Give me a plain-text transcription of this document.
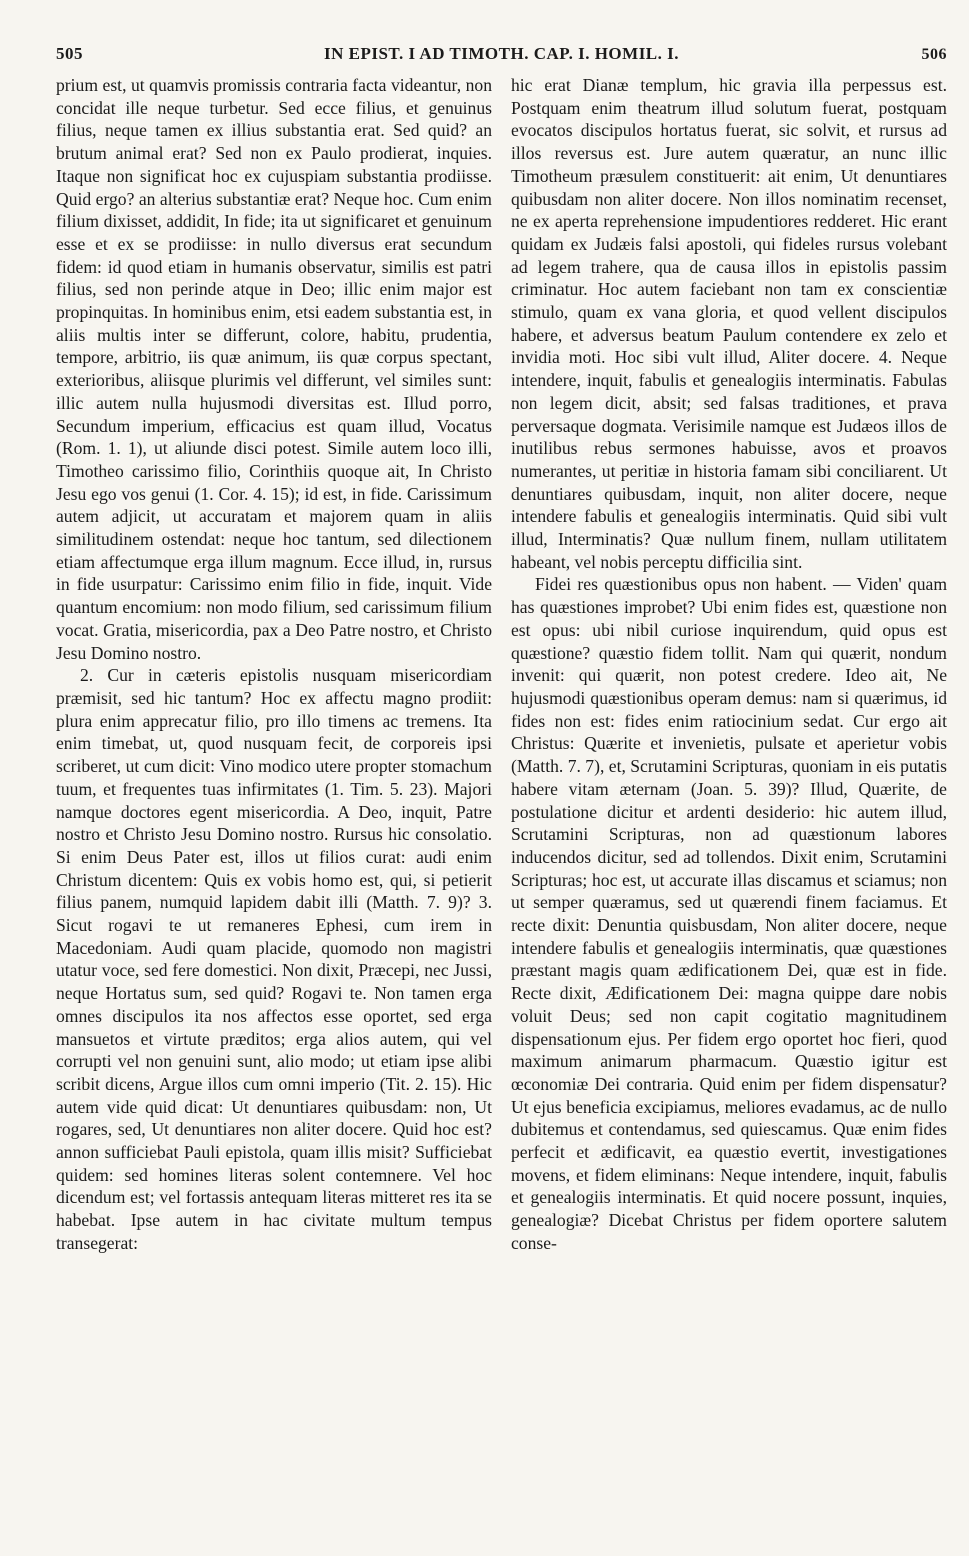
505	IN EPIST. I AD TIMOTH. CAP. I. HOMIL. I.	506

prium est, ut quamvis promissis contraria facta videantur, non concidat ille neque turbetur. Sed ecce filius, et genuinus filius, neque tamen ex illius substantia erat. Sed quid? an brutum animal erat? Sed non ex Paulo prodierat, inquies. Itaque non significat hoc ex cujuspiam substantia prodiisse. Quid ergo? an alterius substantiæ erat? Neque hoc. Cum enim filium dixisset, addidit, In fide; ita ut significaret et genuinum esse et ex se prodiisse: in nullo diversus erat secundum fidem: id quod etiam in humanis observatur, similis est patri filius, sed non perinde atque in Deo; illic enim major est propinquitas. In hominibus enim, etsi eadem substantia est, in aliis multis inter se differunt, colore, habitu, prudentia, tempore, arbitrio, iis quæ animum, iis quæ corpus spectant, exterioribus, aliisque plurimis vel differunt, vel similes sunt: illic autem nulla hujusmodi diversitas est. Illud porro, Secundum imperium, efficacius est quam illud, Vocatus (Rom. 1. 1), ut aliunde disci potest. Simile autem loco illi, Timotheo carissimo filio, Corinthiis quoque ait, In Christo Jesu ego vos genui (1. Cor. 4. 15); id est, in fide. Carissimum autem adjicit, ut accuratam et majorem quam in aliis similitudinem ostendat: neque hoc tantum, sed dilectionem etiam affectumque erga illum magnum. Ecce illud, in, rursus in fide usurpatur: Carissimo enim filio in fide, inquit. Vide quantum encomium: non modo filium, sed carissimum filium vocat. Gratia, misericordia, pax a Deo Patre nostro, et Christo Jesu Domino nostro.

2. Cur in cæteris epistolis nusquam misericordiam præmisit, sed hic tantum? Hoc ex affectu magno prodiit: plura enim apprecatur filio, pro illo timens ac tremens. Ita enim timebat, ut, quod nusquam fecit, de corporeis ipsi scriberet, ut cum dicit: Vino modico utere propter stomachum tuum, et frequentes tuas infirmitates (1. Tim. 5. 23). Majori namque doctores egent misericordia. A Deo, inquit, Patre nostro et Christo Jesu Domino nostro. Rursus hic consolatio. Si enim Deus Pater est, illos ut filios curat: audi enim Christum dicentem: Quis ex vobis homo est, qui, si petierit filius panem, numquid lapidem dabit illi (Matth. 7. 9)? 3. Sicut rogavi te ut remaneres Ephesi, cum irem in Macedoniam. Audi quam placide, quomodo non magistri utatur voce, sed fere domestici. Non dixit, Præcepi, nec Jussi, neque Hortatus sum, sed quid? Rogavi te. Non tamen erga omnes discipulos ita nos affectos esse oportet, sed erga mansuetos et virtute præditos; erga alios autem, qui vel corrupti vel non genuini sunt, alio modo; ut etiam ipse alibi scribit dicens, Argue illos cum omni imperio (Tit. 2. 15). Hic autem vide quid dicat: Ut denuntiares quibusdam: non, Ut rogares, sed, Ut denuntiares non aliter docere. Quid hoc est? annon sufficiebat Pauli epistola, quam illis misit? Sufficiebat quidem: sed homines literas solent contemnere. Vel hoc dicendum est; vel fortassis antequam literas mitteret res ita se habebat. Ipse autem in hac civitate multum tempus transegerat:

hic erat Dianæ templum, hic gravia illa perpessus est. Postquam enim theatrum illud solutum fuerat, postquam evocatos discipulos hortatus fuerat, sic solvit, et rursus ad illos reversus est. Jure autem quæratur, an nunc illic Timotheum præsulem constituerit: ait enim, Ut denuntiares quibusdam non aliter docere. Non illos nominatim recenset, ne ex aperta reprehensione impudentiores redderet. Hic erant quidam ex Judæis falsi apostoli, qui fideles rursus volebant ad legem trahere, qua de causa illos in epistolis passim criminatur. Hoc autem faciebant non tam ex conscientiæ stimulo, quam ex vana gloria, et quod vellent discipulos habere, et adversus beatum Paulum contendere ex zelo et invidia moti. Hoc sibi vult illud, Aliter docere. 4. Neque intendere, inquit, fabulis et genealogiis interminatis. Fabulas non legem dicit, absit; sed falsas traditiones, et prava perversaque dogmata. Verisimile namque est Judæos illos de inutilibus rebus sermones habuisse, avos et proavos numerantes, ut peritiæ in historia famam sibi conciliarent. Ut denuntiares quibusdam, inquit, non aliter docere, neque intendere fabulis et genealogiis interminatis. Quid sibi vult illud, Interminatis? Quæ nullum finem, nullam utilitatem habeant, vel nobis perceptu difficilia sint.

Fidei res quæstionibus opus non habent. — Viden' quam has quæstiones improbet? Ubi enim fides est, quæstione non est opus: ubi nibil curiose inquirendum, quid opus est quæstione? quæstio fidem tollit. Nam qui quærit, nondum invenit: qui quærit, non potest credere. Ideo ait, Ne hujusmodi quæstionibus operam demus: nam si quærimus, id fides non est: fides enim ratiocinium sedat. Cur ergo ait Christus: Quærite et invenietis, pulsate et aperietur vobis (Matth. 7. 7), et, Scrutamini Scripturas, quoniam in eis putatis habere vitam æternam (Joan. 5. 39)? Illud, Quærite, de postulatione dicitur et ardenti desiderio: hic autem illud, Scrutamini Scripturas, non ad quæstionum labores inducendos dicitur, sed ad tollendos. Dixit enim, Scrutamini Scripturas; hoc est, ut accurate illas discamus et sciamus; non ut semper quæramus, sed ut quærendi finem faciamus. Et recte dixit: Denuntia quisbusdam, Non aliter docere, neque intendere fabulis et genealogiis interminatis, quæ quæstiones præstant magis quam ædificationem Dei, quæ est in fide. Recte dixit, Ædificationem Dei: magna quippe dare nobis voluit Deus; sed non capit cogitatio magnitudinem dispensationum ejus. Per fidem ergo oportet hoc fieri, quod maximum animarum pharmacum. Quæstio igitur est œconomiæ Dei contraria. Quid enim per fidem dispensatur? Ut ejus beneficia excipiamus, meliores evadamus, ac de nullo dubitemus et contendamus, sed quiescamus. Quæ enim fides perfecit et ædificavit, ea quæstio evertit, investigationes movens, et fidem eliminans: Neque intendere, inquit, fabulis et genealogiis interminatis. Et quid nocere possunt, inquies, genealogiæ? Dicebat Christus per fidem oportere salutem conse-
